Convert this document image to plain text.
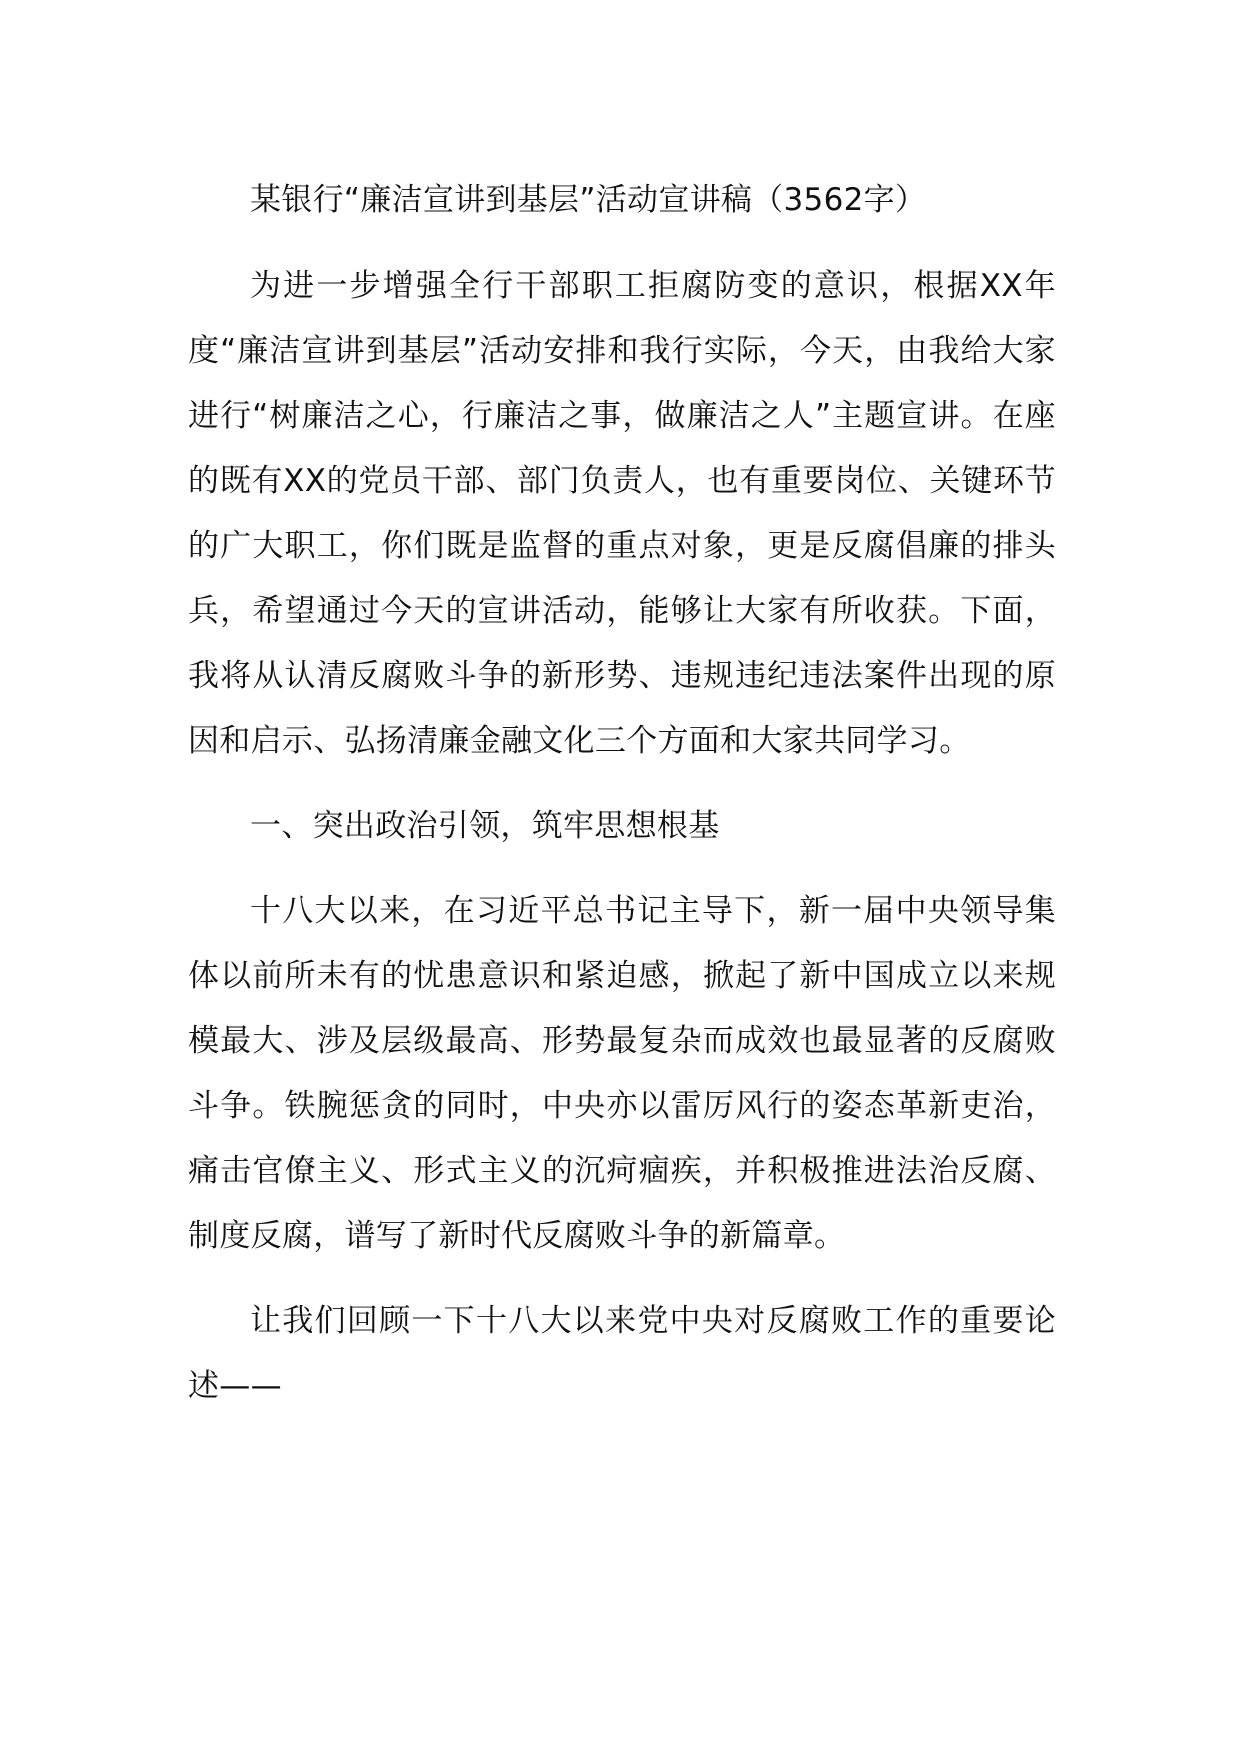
某银行“廉洁宣讲到基层”活动宣讲稿（3562字）

为进一步增强全行干部职工拒腐防变的意识，根据XX年度“廉洁宣讲到基层”活动安排和我行实际，今天，由我给大家进行“树廉洁之心，行廉洁之事，做廉洁之人”主题宣讲。在座的既有XX的党员干部、部门负责人，也有重要岗位、关键环节的广大职工，你们既是监督的重点对象，更是反腐倡廉的排头兵，希望通过今天的宣讲活动，能够让大家有所收获。下面，我将从认清反腐败斗争的新形势、违规违纪违法案件出现的原因和启示、弘扬清廉金融文化三个方面和大家共同学习。

一、突出政治引领，筑牢思想根基

十八大以来，在习近平总书记主导下，新一届中央领导集体以前所未有的忧患意识和紧迫感，掀起了新中国成立以来规模最大、涉及层级最高、形势最复杂而成效也最显著的反腐败斗争。铁腕惩贪的同时，中央亦以雷厉风行的姿态革新吏治，痛击官僚主义、形式主义的沉疴痼疾，并积极推进法治反腐、制度反腐，谱写了新时代反腐败斗争的新篇章。

让我们回顾一下十八大以来党中央对反腐败工作的重要论述——
